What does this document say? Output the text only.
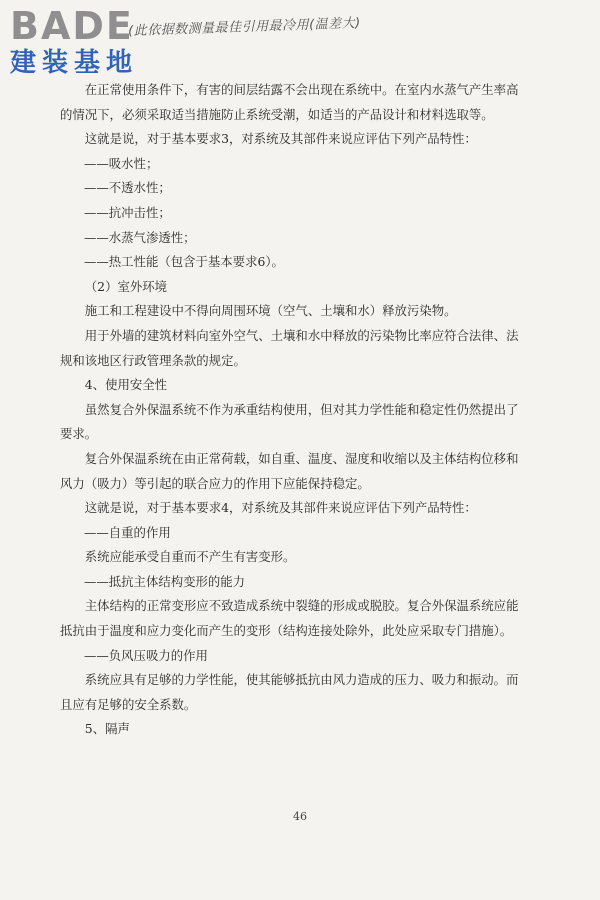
BADE
建装基地
(此依据数测量最佳引用最冷用(温差大)

在正常使用条件下，有害的间层结露不会出现在系统中。在室内水蒸气产生率高的情况下，必须采取适当措施防止系统受潮，如适当的产品设计和材料选取等。

这就是说，对于基本要求3，对系统及其部件来说应评估下列产品特性：

——吸水性；

——不透水性；

——抗冲击性；

——水蒸气渗透性；

——热工性能（包含于基本要求6）。

（2）室外环境

施工和工程建设中不得向周围环境（空气、土壤和水）释放污染物。

用于外墙的建筑材料向室外空气、土壤和水中释放的污染物比率应符合法律、法规和该地区行政管理条款的规定。

4、使用安全性

虽然复合外保温系统不作为承重结构使用，但对其力学性能和稳定性仍然提出了要求。

复合外保温系统在由正常荷载，如自重、温度、湿度和收缩以及主体结构位移和风力（吸力）等引起的联合应力的作用下应能保持稳定。

这就是说，对于基本要求4，对系统及其部件来说应评估下列产品特性：

——自重的作用

系统应能承受自重而不产生有害变形。

——抵抗主体结构变形的能力

主体结构的正常变形应不致造成系统中裂缝的形成或脱胶。复合外保温系统应能抵抗由于温度和应力变化而产生的变形（结构连接处除外，此处应采取专门措施）。

——负风压吸力的作用

系统应具有足够的力学性能，使其能够抵抗由风力造成的压力、吸力和振动。而且应有足够的安全系数。

5、隔声

46
